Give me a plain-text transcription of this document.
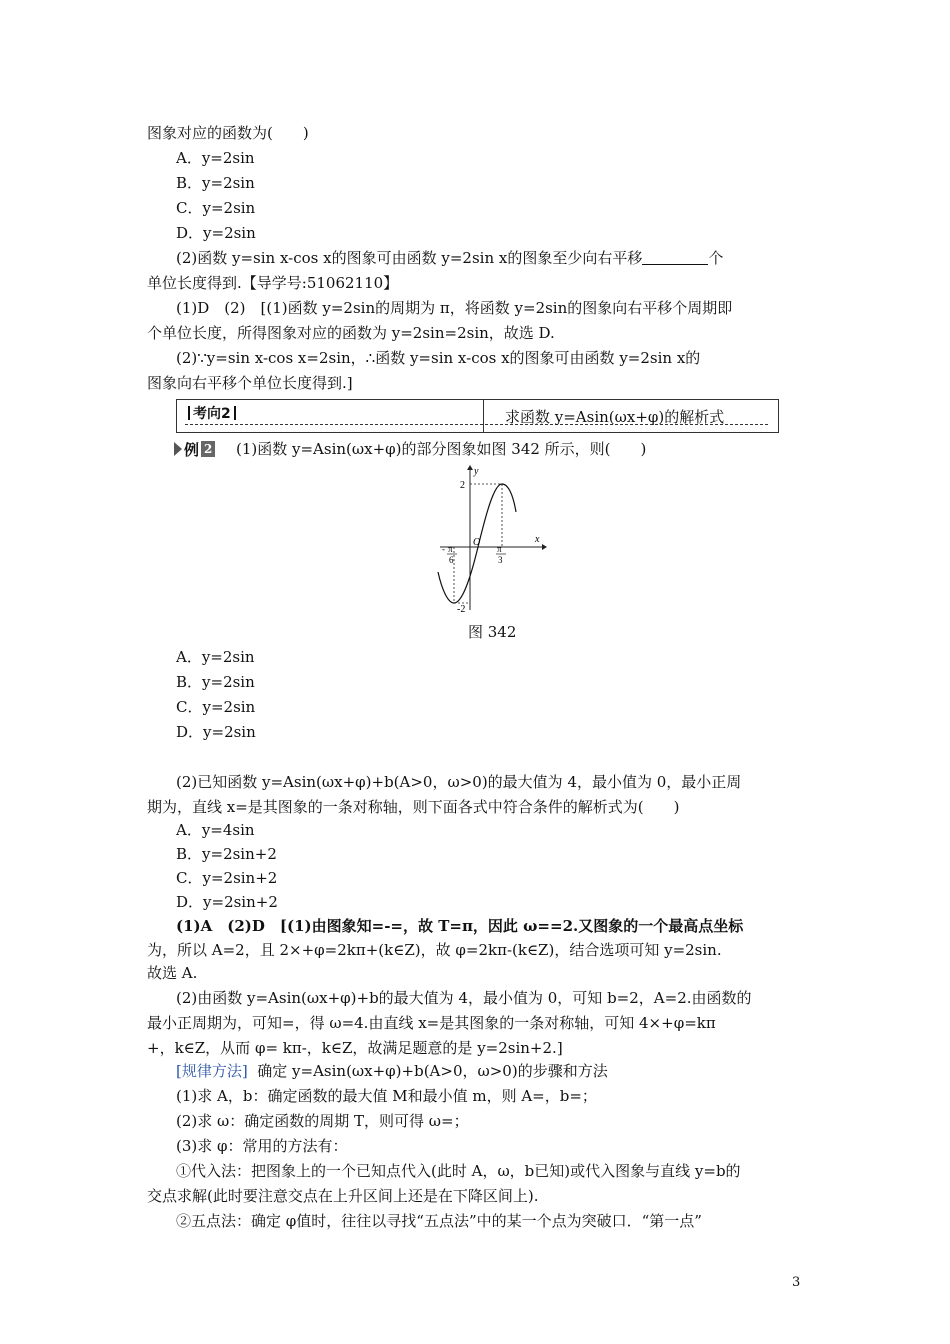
图象对应的函数为(　　)
A．y=2sin
B．y=2sin
C．y=2sin
D．y=2sin
(2)函数 y=sin x-cos x的图象可由函数 y=2sin x的图象至少向右平移	个
单位长度得到.【导学号:51062110】
(1)D　(2)　[(1)函数 y=2sin的周期为 π，将函数 y=2sin的图象向右平移个周期即
个单位长度，所得图象对应的函数为 y=2sin=2sin，故选 D.
(2)∵y=sin x-cos x=2sin，∴函数 y=sin x-cos x的图象可由函数 y=2sin x的
图象向右平移个单位长度得到.]
考向2	求函数 y=Asin(ωx+φ)的解析式
例 2 (1)函数 y=Asin(ωx+φ)的部分图象如图 342 所示，则(　　)
y
x
2
-2
O
- π
6
π
3
图 342
A．y=2sin
B．y=2sin
C．y=2sin
D．y=2sin
(2)已知函数 y=Asin(ωx+φ)+b(A>0，ω>0)的最大值为 4，最小值为 0，最小正周
期为，直线 x=是其图象的一条对称轴，则下面各式中符合条件的解析式为(　　)
A．y=4sin
B．y=2sin+2
C．y=2sin+2
D．y=2sin+2
(1)A　(2)D　[(1)由图象知=-=，故 T=π，因此 ω==2.又图象的一个最高点坐标
为，所以 A=2，且 2×+φ=2kπ+(k∈Z)，故 φ=2kπ-(k∈Z)，结合选项可知 y=2sin.
故选 A.
(2)由函数 y=Asin(ωx+φ)+b的最大值为 4，最小值为 0，可知 b=2，A=2.由函数的
最小正周期为，可知=，得 ω=4.由直线 x=是其图象的一条对称轴，可知 4×+φ=kπ
+，k∈Z，从而 φ= kπ-，k∈Z，故满足题意的是 y=2sin+2.]
[规律方法] 确定 y=Asin(ωx+φ)+b(A>0，ω>0)的步骤和方法
(1)求 A，b：确定函数的最大值 M和最小值 m，则 A=，b=；
(2)求 ω：确定函数的周期 T，则可得 ω=；
(3)求 φ：常用的方法有：
①代入法：把图象上的一个已知点代入(此时 A，ω，b已知)或代入图象与直线 y=b的
交点求解(此时要注意交点在上升区间上还是在下降区间上).
②五点法：确定 φ值时，往往以寻找“五点法”中的某一个点为突破口．“第一点”
3
